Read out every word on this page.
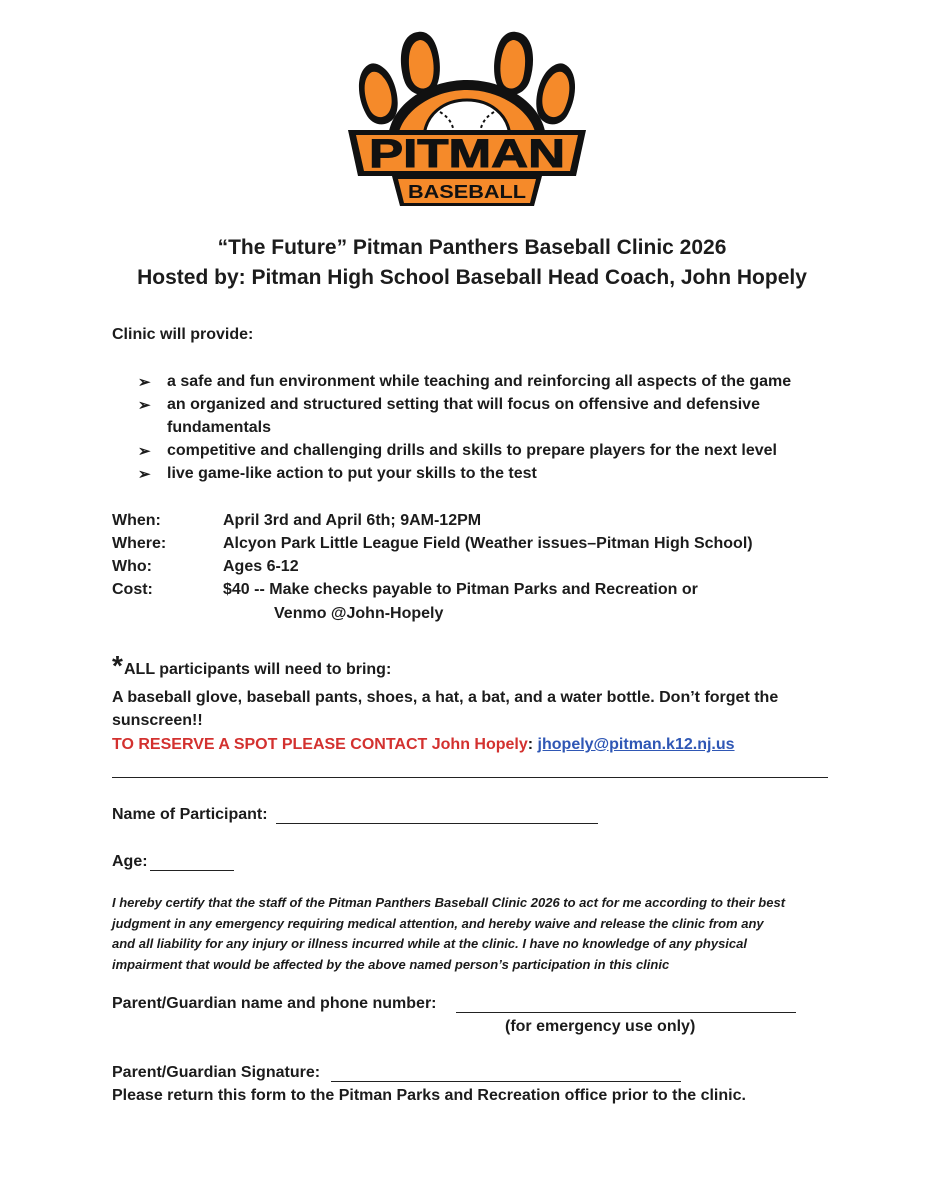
PITMAN
BASEBALL
“The Future” Pitman Panthers Baseball Clinic 2026
Hosted by: Pitman High School Baseball Head Coach, John Hopely
Clinic will provide:
➢ a safe and fun environment while teaching and reinforcing all aspects of the game
➢ an organized and structured setting that will focus on offensive and defensive
fundamentals
➢ competitive and challenging drills and skills to prepare players for the next level
➢ live game-like action to put your skills to the test
When:	April 3rd and April 6th; 9AM-12PM
Where:	Alcyon Park Little League Field (Weather issues–Pitman High School)
Who:	Ages 6-12
Cost:	$40 -- Make checks payable to Pitman Parks and Recreation or
Venmo @John-Hopely
* ALL participants will need to bring:
A baseball glove, baseball pants, shoes, a hat, a bat, and a water bottle. Don’t forget the
sunscreen!!
TO RESERVE A SPOT PLEASE CONTACT John Hopely: jhopely@pitman.k12.nj.us
Name of Participant:
Age:
I hereby certify that the staff of the Pitman Panthers Baseball Clinic 2026 to act for me according to their best
judgment in any emergency requiring medical attention, and hereby waive and release the clinic from any
and all liability for any injury or illness incurred while at the clinic. I have no knowledge of any physical
impairment that would be affected by the above named person’s participation in this clinic
Parent/Guardian name and phone number:
(for emergency use only)
Parent/Guardian Signature:
Please return this form to the Pitman Parks and Recreation office prior to the clinic.
